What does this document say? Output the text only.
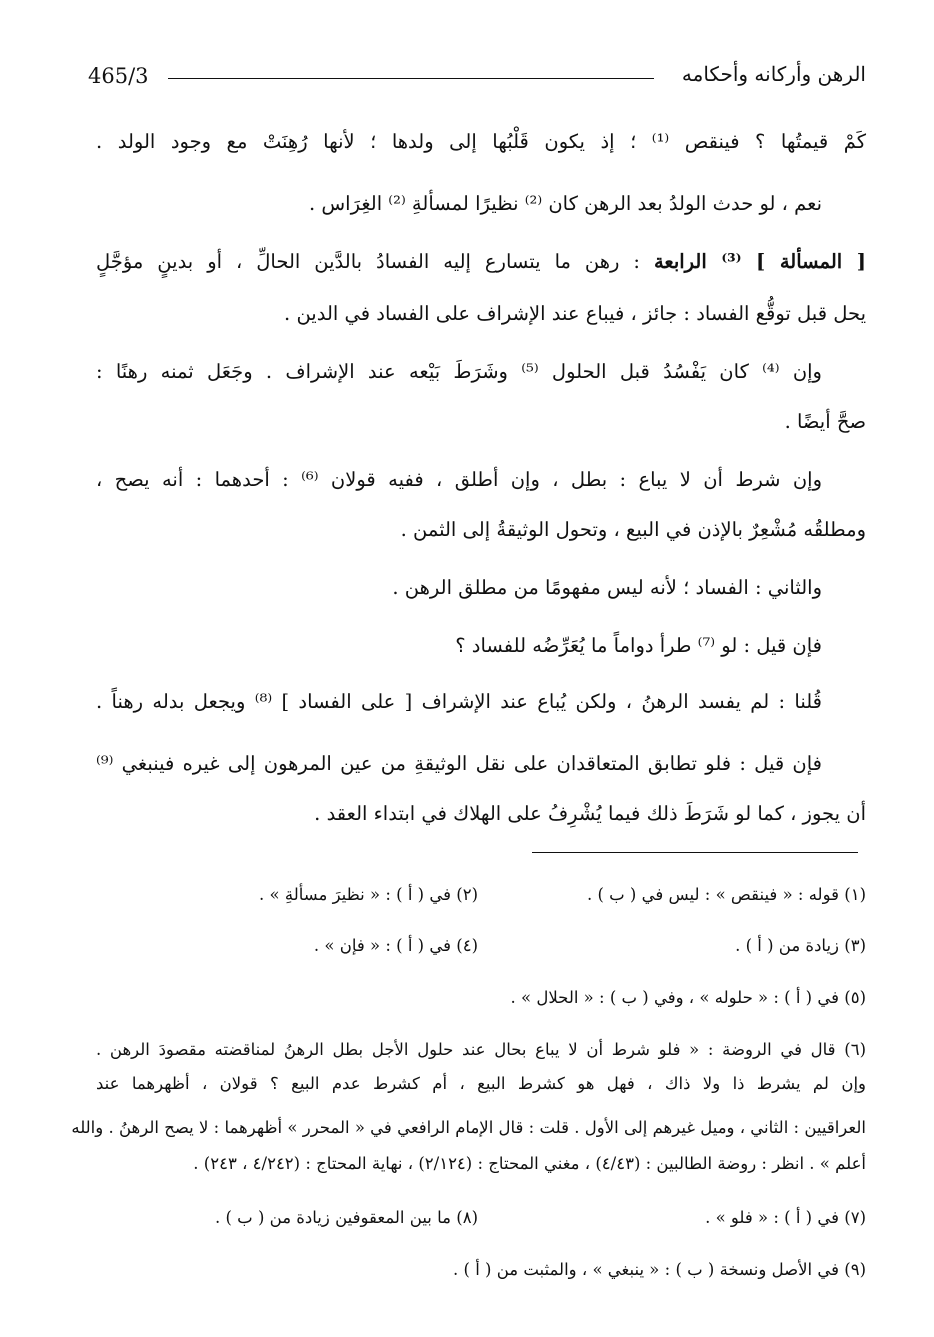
465/3	الرهن وأركانه وأحكامه
كَمْ قيمتُها ؟ فينقص ⁽¹⁾ ؛ إذ يكون قَلْبُها إلى ولدها ؛ لأنها رُهِنَتْ مع وجود الولد .
نعم ، لو حدث الولدُ بعد الرهن كان ⁽²⁾ نظيرًا لمسألةِ ⁽²⁾ الغِرَاس .
[ المسألة ] ⁽³⁾ الرابعة : رهن ما يتسارع إليه الفسادُ بالدَّين الحالِّ ، أو بدينٍ مؤجَّلٍ
يحل قبل توقُّع الفساد : جائز ، فيباع عند الإشراف على الفساد في الدين .
وإن ⁽⁴⁾ كان يَفْسُدُ قبل الحلول ⁽⁵⁾ وشَرَطَ بَيْعه عند الإشراف . وجَعَل ثمنه رهنًا :
صحَّ أيضًا .
وإن شرط أن لا يباع : بطل ، وإن أطلق ، ففيه قولان ⁽⁶⁾ : أحدهما : أنه يصح ،
ومطلقُه مُشْعِرٌ بالإذن في البيع ، وتحول الوثيقةُ إلى الثمن .
والثاني : الفساد ؛ لأنه ليس مفهومًا من مطلق الرهن .
فإن قيل : لو ⁽⁷⁾ طرأ دواماً ما يُعَرِّضُه للفساد ؟
قُلنا : لم يفسد الرهنُ ، ولكن يُباع عند الإشراف [ على الفساد ] ⁽⁸⁾ ويجعل بدله رهناً .
فإن قيل : فلو تطابق المتعاقدان على نقل الوثيقةِ من عين المرهون إلى غيره فينبغي ⁽⁹⁾
أن يجوز ، كما لو شَرَطَ ذلك فيما يُشْرِفُ على الهلاك في ابتداء العقد .
(١) قوله : « فينقص » : ليس في ( ب ) .
(٢) في ( أ ) : « نظيرَ مسألةِ » .
(٣) زيادة من ( أ ) .
(٤) في ( أ ) : « فإن » .
(٥) في ( أ ) : « حلوله » ، وفي ( ب ) : « الحلال » .
(٦) قال في الروضة : « فلو شرط أن لا يباع بحال عند حلول الأجل بطل الرهنُ لمناقضته مقصودَ الرهن .
وإن لم يشرط ذا ولا ذاك ، فهل هو كشرط البيع ، أم كشرط عدم البيع ؟ قولان ، أظهرهما عند
العراقيين : الثاني ، وميل غيرهم إلى الأول . قلت : قال الإمام الرافعي في « المحرر » أظهرهما : لا يصح الرهنُ . والله
أعلم » . انظر : روضة الطالبين : (٤/٤٣) ، مغني المحتاج : (٢/١٢٤) ، نهاية المحتاج : (٤/٢٤٢ ، ٢٤٣) .
(٧) في ( أ ) : « فلو » .
(٨) ما بين المعقوفين زيادة من ( ب ) .
(٩) في الأصل ونسخة ( ب ) : « ينبغي » ، والمثبت من ( أ ) .
